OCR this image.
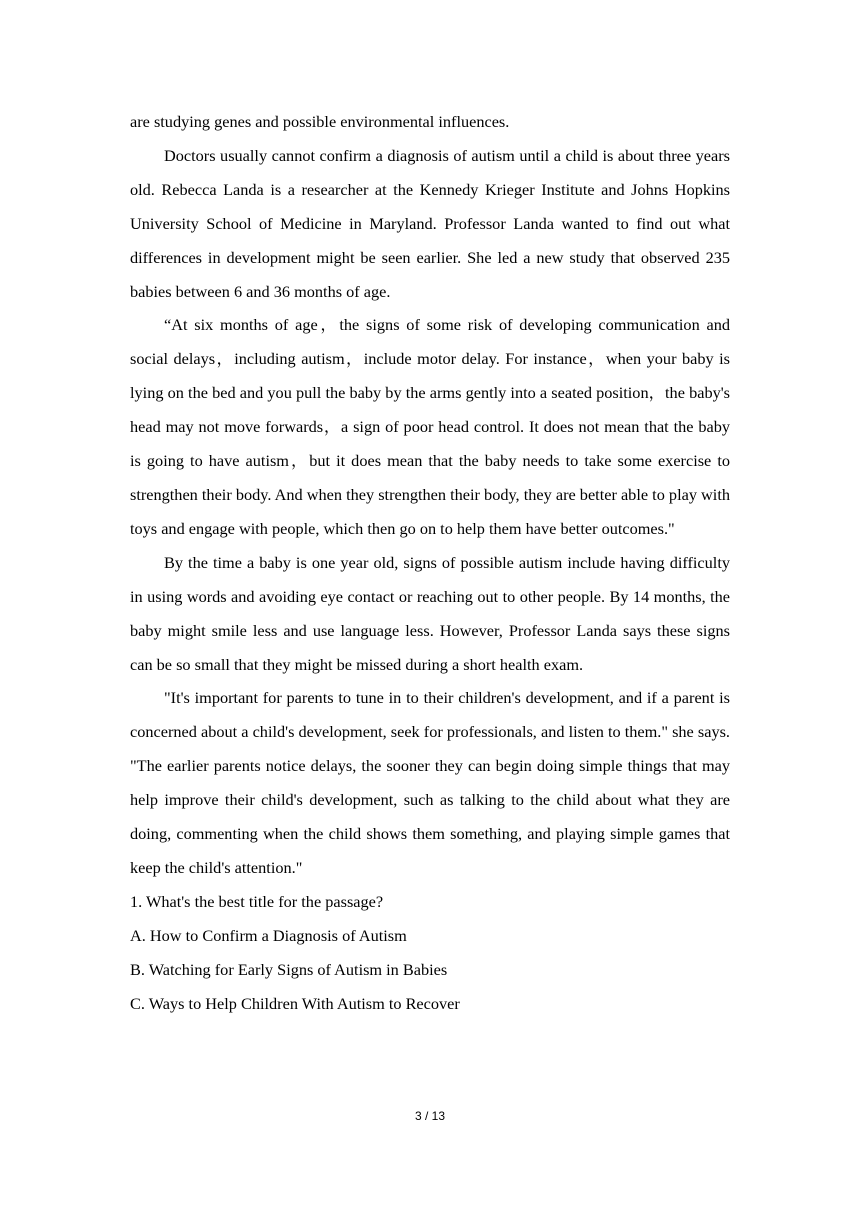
are studying genes and possible environmental influences.

Doctors usually cannot confirm a diagnosis of autism until a child is about three years old. Rebecca Landa is a researcher at the Kennedy Krieger Institute and Johns Hopkins University School of Medicine in Maryland. Professor Landa wanted to find out what differences in development might be seen earlier. She led a new study that observed 235 babies between 6 and 36 months of age.

“At six months of age，the signs of some risk of developing communication and social delays，including autism，include motor delay. For instance，when your baby is lying on the bed and you pull the baby by the arms gently into a seated position，the baby's head may not move forwards，a sign of poor head control. It does not mean that the baby is going to have autism，but it does mean that the baby needs to take some exercise to strengthen their body. And when they strengthen their body, they are better able to play with toys and engage with people, which then go on to help them have better outcomes."

By the time a baby is one year old, signs of possible autism include having difficulty in using words and avoiding eye contact or reaching out to other people. By 14 months, the baby might smile less and use language less. However, Professor Landa says these signs can be so small that they might be missed during a short health exam.

"It's important for parents to tune in to their children's development, and if a parent is concerned about a child's development, seek for professionals, and listen to them." she says. "The earlier parents notice delays, the sooner they can begin doing simple things that may help improve their child's development, such as talking to the child about what they are doing, commenting when the child shows them something, and playing simple games that keep the child's attention."

1. What's the best title for the passage?

A. How to Confirm a Diagnosis of Autism

B. Watching for Early Signs of Autism in Babies

C. Ways to Help Children With Autism to Recover

3 / 13
